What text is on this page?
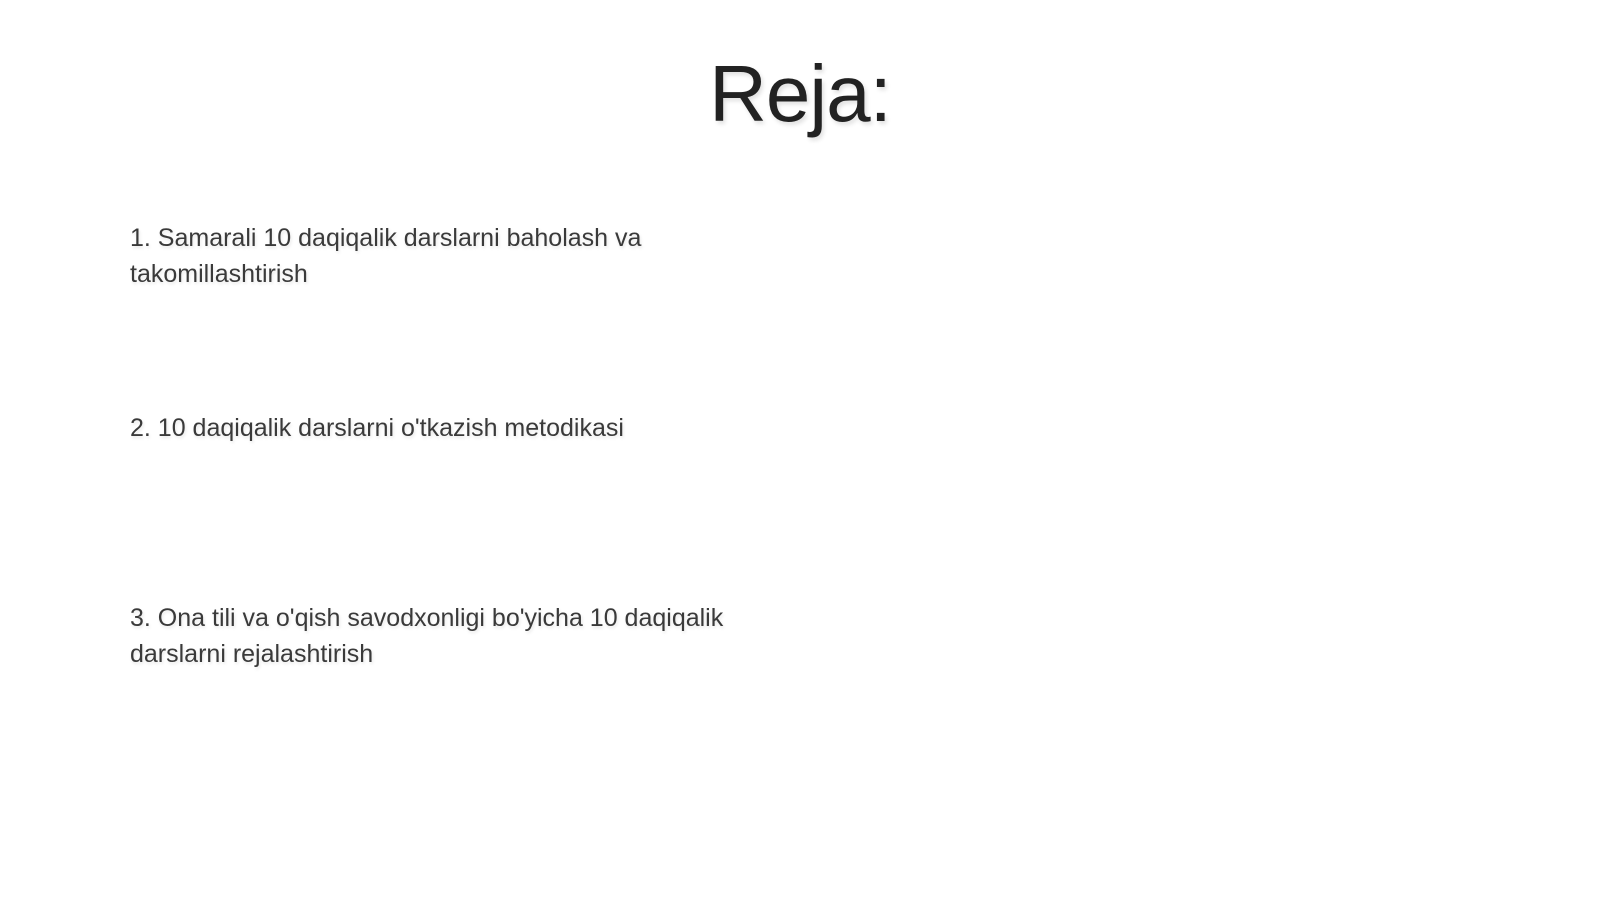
Reja:
1. Samarali 10 daqiqalik darslarni baholash va takomillashtirish
2. 10 daqiqalik darslarni o'tkazish metodikasi
3. Ona tili va o'qish savodxonligi bo'yicha 10 daqiqalik darslarni rejalashtirish
